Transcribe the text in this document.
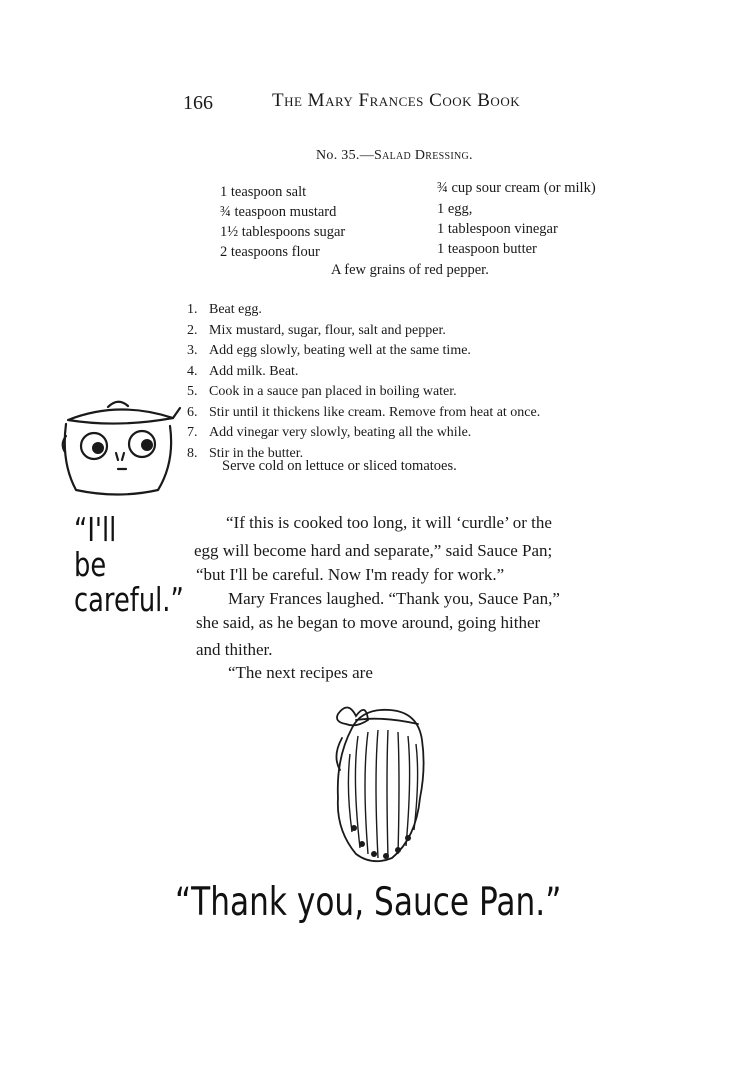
166	The Mary Frances Cook Book
No. 35.—Salad Dressing.
1 teaspoon salt
¾ teaspoon mustard
1½ tablespoons sugar
2 teaspoons flour
¾ cup sour cream (or milk)
1 egg,
1 tablespoon vinegar
1 teaspoon butter
A few grains of red pepper.
1. Beat egg.
2. Mix mustard, sugar, flour, salt and pepper.
3. Add egg slowly, beating well at the same time.
4. Add milk. Beat.
5. Cook in a sauce pan placed in boiling water.
6. Stir until it thickens like cream. Remove from heat at once.
7. Add vinegar very slowly, beating all the while.
8. Stir in the butter.
Serve cold on lettuce or sliced tomatoes.
“I'll
be
careful.”
“If this is cooked too long, it will ‘curdle’ or the
egg will become hard and separate,” said Sauce Pan;
“but I'll be careful. Now I'm ready for work.”
Mary Frances laughed. “Thank you, Sauce Pan,”
she said, as he began to move around, going hither
and thither.
“The next recipes are
“Thank you, Sauce Pan.”
